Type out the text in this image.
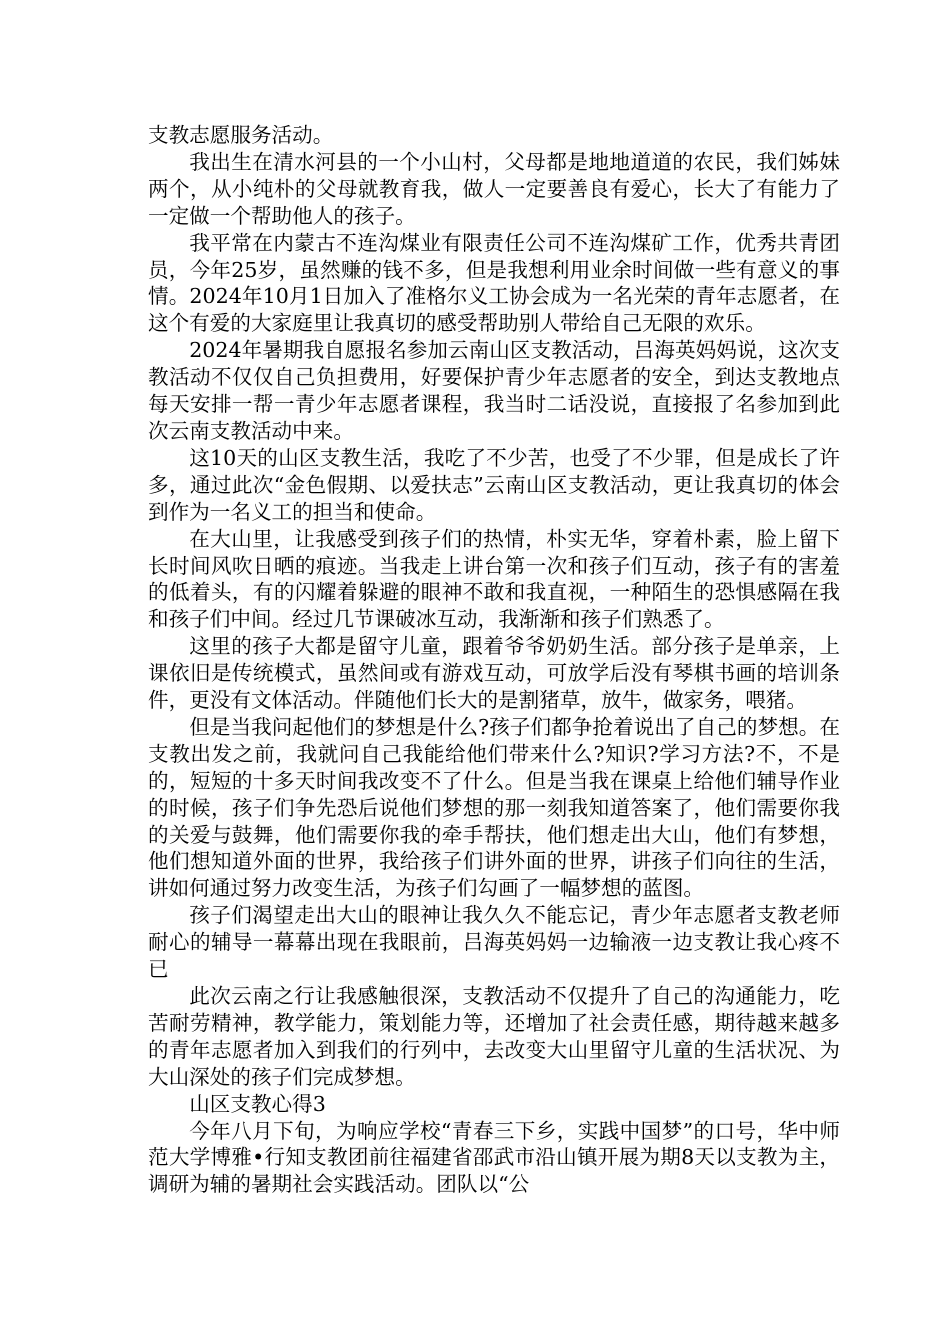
支教志愿服务活动。

我出生在清水河县的一个小山村，父母都是地地道道的农民，我们姊妹两个，从小纯朴的父母就教育我，做人一定要善良有爱心，长大了有能力了一定做一个帮助他人的孩子。

我平常在内蒙古不连沟煤业有限责任公司不连沟煤矿工作，优秀共青团员，今年25岁，虽然赚的钱不多，但是我想利用业余时间做一些有意义的事情。2024年10月1日加入了准格尔义工协会成为一名光荣的青年志愿者，在这个有爱的大家庭里让我真切的感受帮助别人带给自己无限的欢乐。

2024年暑期我自愿报名参加云南山区支教活动，吕海英妈妈说，这次支教活动不仅仅自己负担费用，好要保护青少年志愿者的安全，到达支教地点每天安排一帮一青少年志愿者课程，我当时二话没说，直接报了名参加到此次云南支教活动中来。

这10天的山区支教生活，我吃了不少苦，也受了不少罪，但是成长了许多，通过此次“金色假期、以爱扶志”云南山区支教活动，更让我真切的体会到作为一名义工的担当和使命。

在大山里，让我感受到孩子们的热情，朴实无华，穿着朴素，脸上留下长时间风吹日晒的痕迹。当我走上讲台第一次和孩子们互动，孩子有的害羞的低着头，有的闪耀着躲避的眼神不敢和我直视，一种陌生的恐惧感隔在我和孩子们中间。经过几节课破冰互动，我渐渐和孩子们熟悉了。

这里的孩子大都是留守儿童，跟着爷爷奶奶生活。部分孩子是单亲，上课依旧是传统模式，虽然间或有游戏互动，可放学后没有琴棋书画的培训条件，更没有文体活动。伴随他们长大的是割猪草，放牛，做家务，喂猪。

但是当我问起他们的梦想是什么?孩子们都争抢着说出了自己的梦想。在支教出发之前，我就问自己我能给他们带来什么?知识?学习方法?不，不是的，短短的十多天时间我改变不了什么。但是当我在课桌上给他们辅导作业的时候，孩子们争先恐后说他们梦想的那一刻我知道答案了，他们需要你我的关爱与鼓舞，他们需要你我的牵手帮扶，他们想走出大山，他们有梦想，他们想知道外面的世界，我给孩子们讲外面的世界，讲孩子们向往的生活，讲如何通过努力改变生活，为孩子们勾画了一幅梦想的蓝图。

孩子们渴望走出大山的眼神让我久久不能忘记，青少年志愿者支教老师耐心的辅导一幕幕出现在我眼前，吕海英妈妈一边输液一边支教让我心疼不已

此次云南之行让我感触很深，支教活动不仅提升了自己的沟通能力，吃苦耐劳精神，教学能力，策划能力等，还增加了社会责任感，期待越来越多的青年志愿者加入到我们的行列中，去改变大山里留守儿童的生活状况、为大山深处的孩子们完成梦想。

山区支教心得3

今年八月下旬，为响应学校“青春三下乡，实践中国梦”的口号，华中师范大学博雅•行知支教团前往福建省邵武市沿山镇开展为期8天以支教为主，调研为辅的暑期社会实践活动。团队以“公
